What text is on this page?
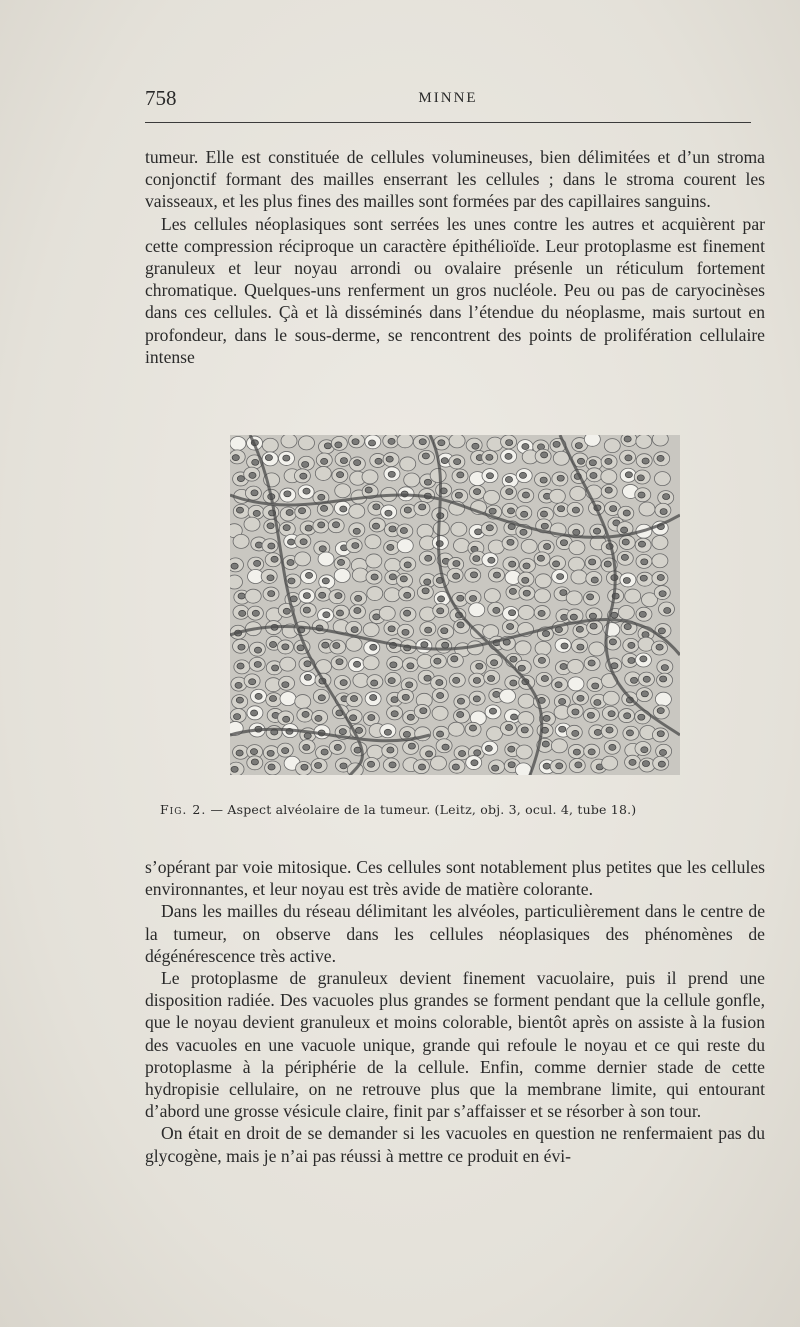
758	MINNE

tumeur. Elle est constituée de cellules volumineuses, bien délimitées et d’un stroma conjonctif formant des mailles enserrant les cellules ; dans le stroma courent les vaisseaux, et les plus fines des mailles sont formées par des capillaires sanguins.

Les cellules néoplasiques sont serrées les unes contre les autres et acquièrent par cette compression réciproque un caractère épithélioïde. Leur protoplasme est finement granuleux et leur noyau arrondi ou ovalaire présenle un réticulum fortement chromatique. Quelques-uns renferment un gros nucléole. Peu ou pas de caryocinèses dans ces cellules. Çà et là disséminés dans l’étendue du néoplasme, mais surtout en profondeur, dans le sous-derme, se rencontrent des points de prolifération cellulaire intense

Fig. 2. — Aspect alvéolaire de la tumeur. (Leitz, obj. 3, ocul. 4, tube 18.)

s’opérant par voie mitosique. Ces cellules sont notablement plus petites que les cellules environnantes, et leur noyau est très avide de matière colorante.

Dans les mailles du réseau délimitant les alvéoles, particulièrement dans le centre de la tumeur, on observe dans les cellules néoplasiques des phénomènes de dégénérescence très active.

Le protoplasme de granuleux devient finement vacuolaire, puis il prend une disposition radiée. Des vacuoles plus grandes se forment pendant que la cellule gonfle, que le noyau devient granuleux et moins colorable, bientôt après on assiste à la fusion des vacuoles en une vacuole unique, grande qui refoule le noyau et ce qui reste du protoplasme à la périphérie de la cellule. Enfin, comme dernier stade de cette hydropisie cellulaire, on ne retrouve plus que la membrane limite, qui entourant d’abord une grosse vésicule claire, finit par s’affaisser et se résorber à son tour.

On était en droit de se demander si les vacuoles en question ne renfermaient pas du glycogène, mais je n’ai pas réussi à mettre ce produit en évi-
